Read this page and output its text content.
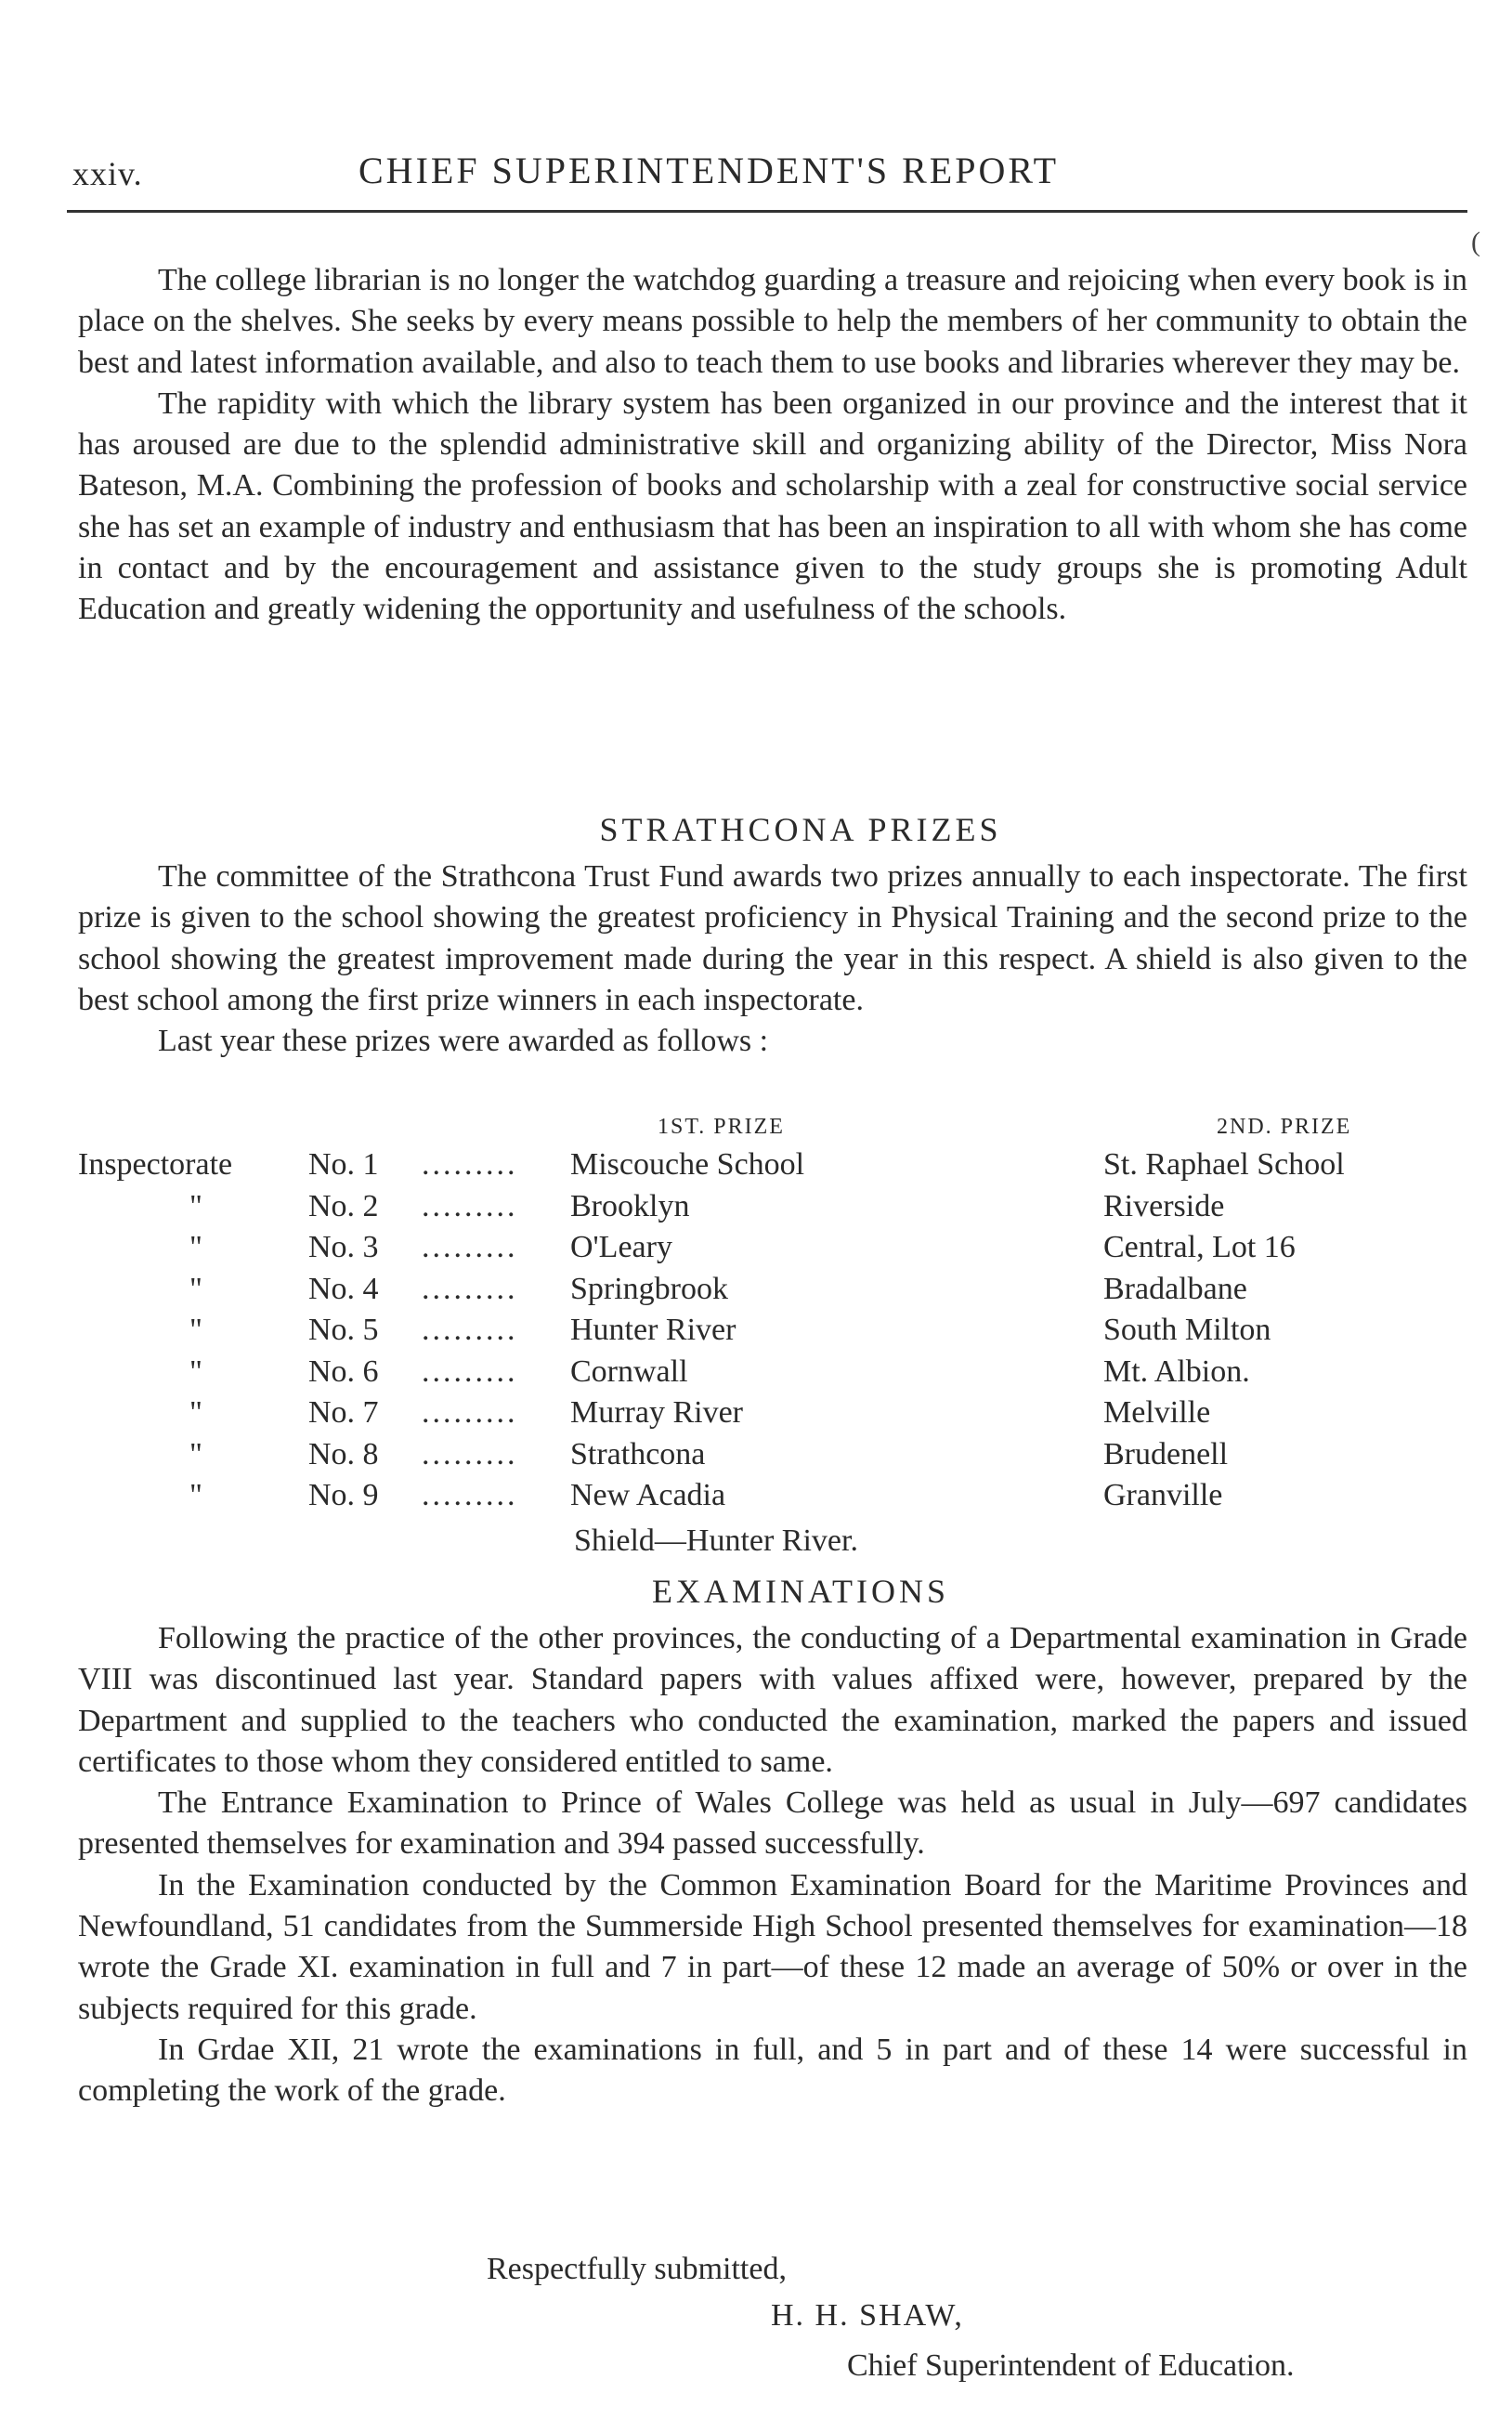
xxiv.	CHIEF SUPERINTENDENT'S REPORT
(

The college librarian is no longer the watchdog guarding a treasure and rejoicing when every book is in place on the shelves. She seeks by every means possible to help the members of her community to obtain the best and latest information available, and also to teach them to use books and libraries wherever they may be.

The rapidity with which the library system has been organized in our province and the interest that it has aroused are due to the splendid administrative skill and organizing ability of the Director, Miss Nora Bateson, M.A. Combining the profession of books and scholarship with a zeal for constructive social service she has set an example of industry and enthusiasm that has been an inspiration to all with whom she has come in contact and by the encouragement and assistance given to the study groups she is promoting Adult Education and greatly widening the opportunity and usefulness of the schools.

STRATHCONA PRIZES

The committee of the Strathcona Trust Fund awards two prizes annually to each inspectorate. The first prize is given to the school showing the greatest proficiency in Physical Training and the second prize to the school showing the greatest improvement made during the year in this respect. A shield is also given to the best school among the first prize winners in each inspectorate.

Last year these prizes were awarded as follows :

1ST. PRIZE	2ND. PRIZE
Inspectorate	No. 1 ......... Miscouche School	St. Raphael School
"	No. 2 ......... Brooklyn	Riverside
"	No. 3 ......... O'Leary	Central, Lot 16
"	No. 4 ......... Springbrook	Bradalbane
"	No. 5 ......... Hunter River	South Milton
"	No. 6 ......... Cornwall	Mt. Albion.
"	No. 7 ......... Murray River	Melville
"	No. 8 ......... Strathcona	Brudenell
"	No. 9 ......... New Acadia	Granville
Shield—Hunter River.
EXAMINATIONS

Following the practice of the other provinces, the conducting of a Departmental examination in Grade VIII was discontinued last year. Standard papers with values affixed were, however, prepared by the Department and supplied to the teachers who conducted the examination, marked the papers and issued certificates to those whom they considered entitled to same.

The Entrance Examination to Prince of Wales College was held as usual in July—697 candidates presented themselves for examination and 394 passed successfully.

In the Examination conducted by the Common Examination Board for the Maritime Provinces and Newfoundland, 51 candidates from the Summerside High School presented themselves for examination—18 wrote the Grade XI. examination in full and 7 in part—of these 12 made an average of 50% or over in the subjects required for this grade.

In Grdae XII, 21 wrote the examinations in full, and 5 in part and of these 14 were successful in completing the work of the grade.

Respectfully submitted,
H. H. SHAW,
Chief Superintendent of Education.
